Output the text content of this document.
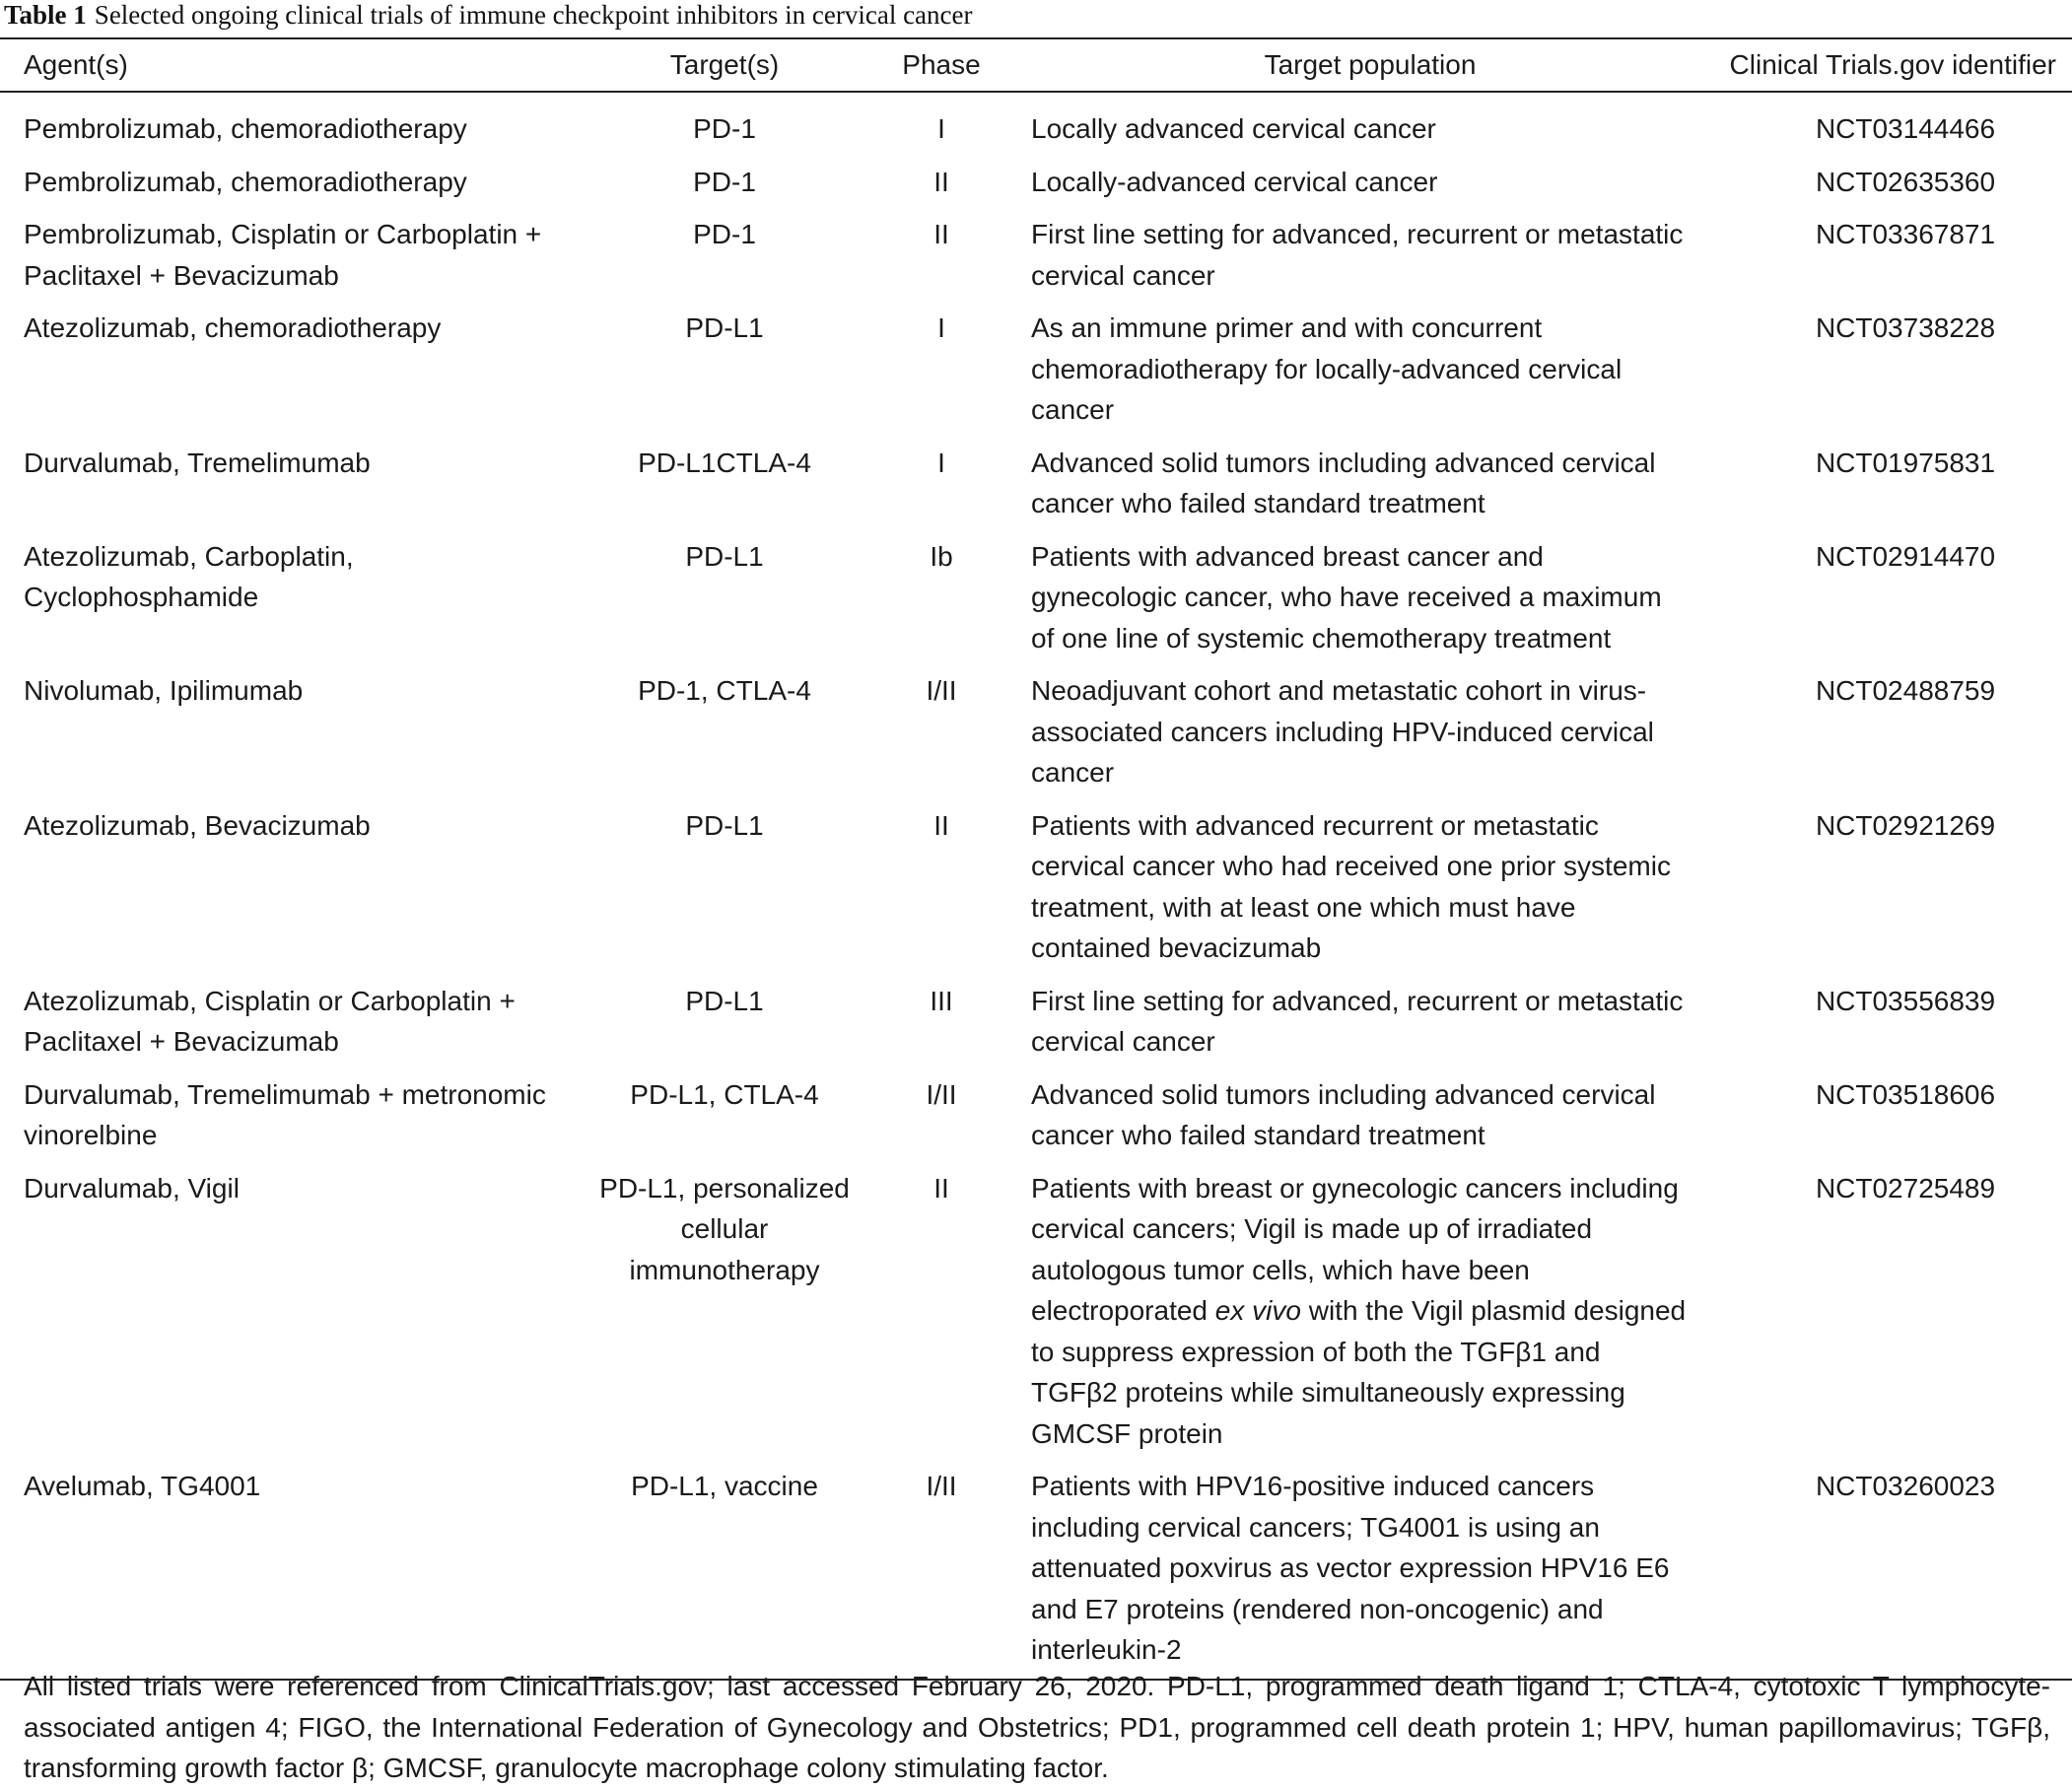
Table 1 Selected ongoing clinical trials of immune checkpoint inhibitors in cervical cancer
Agent(s)	Target(s)	Phase	Target population	Clinical Trials.gov identifier
Pembrolizumab, chemoradiotherapy	PD-1	I	Locally advanced cervical cancer	NCT03144466
Pembrolizumab, chemoradiotherapy	PD-1	II	Locally-advanced cervical cancer	NCT02635360
Pembrolizumab, Cisplatin or Carboplatin + Paclitaxel + Bevacizumab	PD-1	II	First line setting for advanced, recurrent or metastatic cervical cancer	NCT03367871
Atezolizumab, chemoradiotherapy	PD-L1	I	As an immune primer and with concurrent chemoradiotherapy for locally-advanced cervical cancer	NCT03738228
Durvalumab, Tremelimumab	PD-L1CTLA-4	I	Advanced solid tumors including advanced cervical cancer who failed standard treatment	NCT01975831
Atezolizumab, Carboplatin, Cyclophosphamide	PD-L1	Ib	Patients with advanced breast cancer and gynecologic cancer, who have received a maximum of one line of systemic chemotherapy treatment	NCT02914470
Nivolumab, Ipilimumab	PD-1, CTLA-4	I/II	Neoadjuvant cohort and metastatic cohort in virus-associated cancers including HPV-induced cervical cancer	NCT02488759
Atezolizumab, Bevacizumab	PD-L1	II	Patients with advanced recurrent or metastatic cervical cancer who had received one prior systemic treatment, with at least one which must have contained bevacizumab	NCT02921269
Atezolizumab, Cisplatin or Carboplatin + Paclitaxel + Bevacizumab	PD-L1	III	First line setting for advanced, recurrent or metastatic cervical cancer	NCT03556839
Durvalumab, Tremelimumab + metronomic vinorelbine	PD-L1, CTLA-4	I/II	Advanced solid tumors including advanced cervical cancer who failed standard treatment	NCT03518606
Durvalumab, Vigil	PD-L1, personalized cellular immunotherapy	II	Patients with breast or gynecologic cancers including cervical cancers; Vigil is made up of irradiated autologous tumor cells, which have been electroporated ex vivo with the Vigil plasmid designed to suppress expression of both the TGFβ1 and TGFβ2 proteins while simultaneously expressing GMCSF protein	NCT02725489
Avelumab, TG4001	PD-L1, vaccine	I/II	Patients with HPV16-positive induced cancers including cervical cancers; TG4001 is using an attenuated poxvirus as vector expression HPV16 E6 and E7 proteins (rendered non-oncogenic) and interleukin-2	NCT03260023
All listed trials were referenced from ClinicalTrials.gov; last accessed February 26, 2020. PD-L1, programmed death ligand 1; CTLA-4, cytotoxic T lymphocyte-associated antigen 4; FIGO, the International Federation of Gynecology and Obstetrics; PD1, programmed cell death protein 1; HPV, human papillomavirus; TGFβ, transforming growth factor β; GMCSF, granulocyte macrophage colony stimulating factor.
